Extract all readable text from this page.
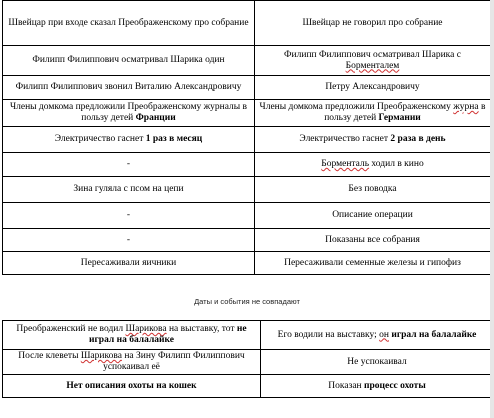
Швейцар при входе сказал Преображенскому про собрание	Швейцар не говорил про собрание
Филипп Филиппович осматривал Шарика один	Филипп Филиппович осматривал Шарика с Борменталем
Филипп Филиппович звонил Виталию Александровичу	Петру Александровичу
Члены домкома предложили Преображенскому журналы в пользу детей Франции	Члены домкома предложили Преображенскому журна в пользу детей Германии
Электричество гаснет 1 раз в месяц	Электричество гаснет 2 раза в день
-	Борменталь ходил в кино
Зина гуляла с псом на цепи	Без поводка
-	Описание операции
-	Показаны все собрания
Пересаживали яичники	Пересаживали семенные железы и гипофиз
Даты и события не совпадают
Преображенский не водил Шарикова на выставку, тот не играл на балалайке	Его водили на выставку; он играл на балалайке
После клеветы Шарикова на Зину Филипп Филиппович успокаивал её	Не успокаивал
Нет описания охоты на кошек	Показан процесс охоты
